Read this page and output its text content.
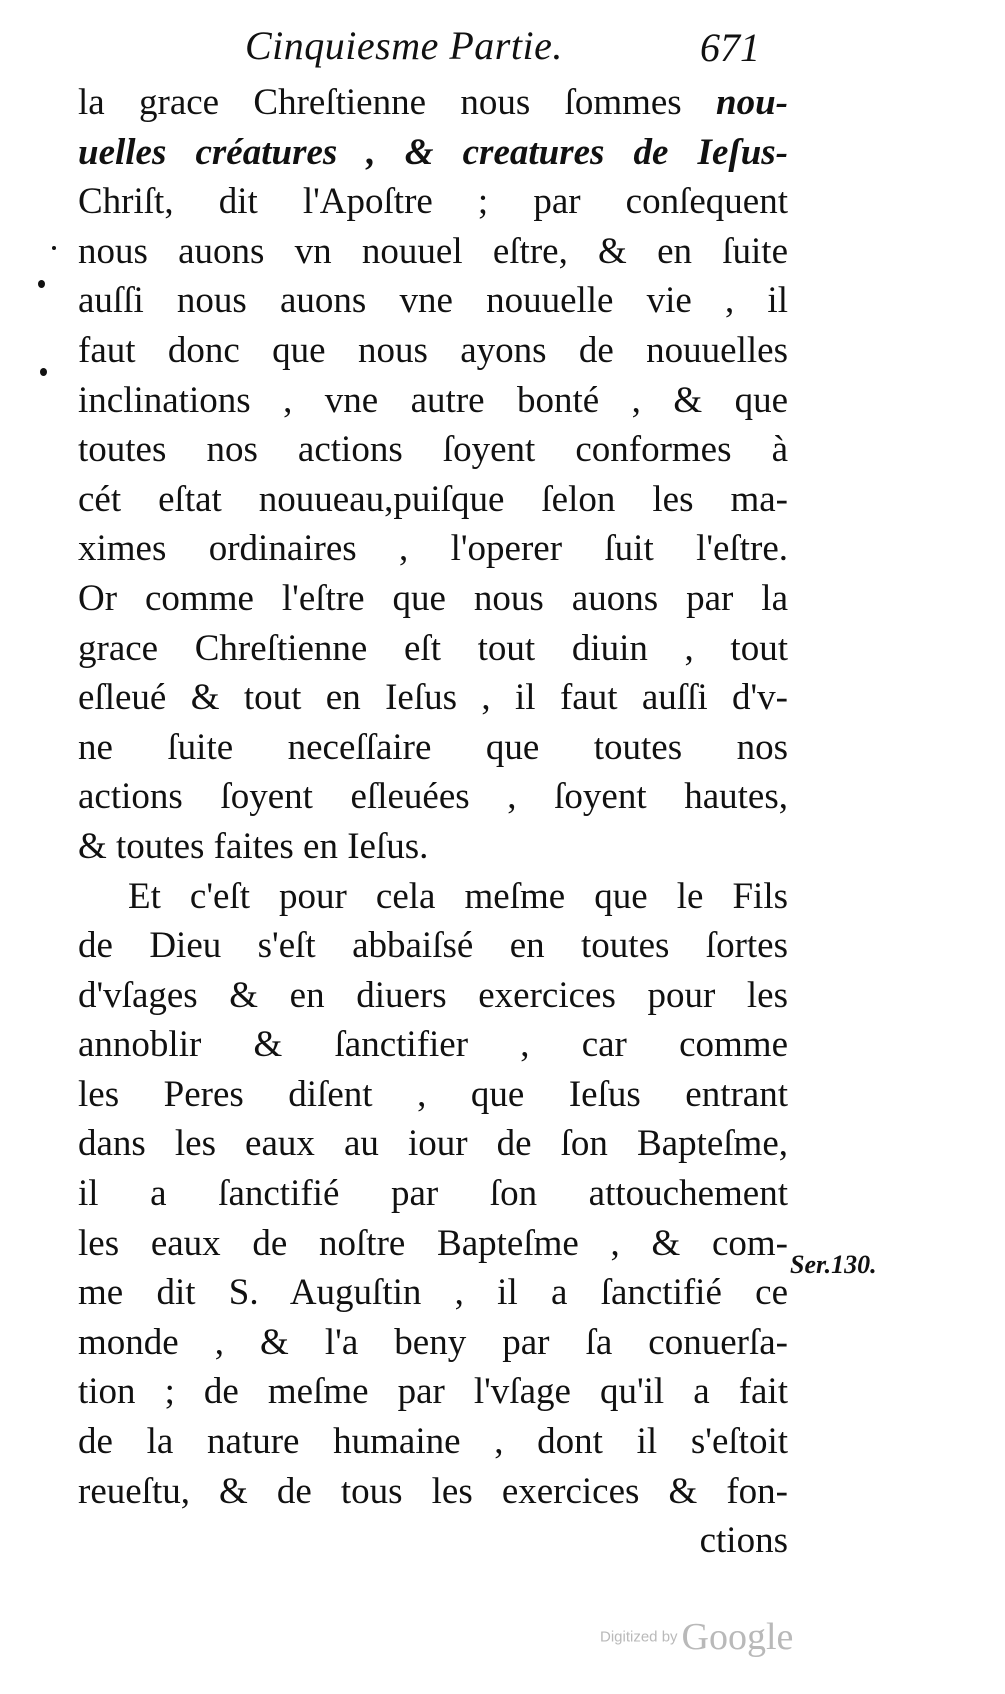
Cinquiesme Partie.	671
la grace Chreſtienne nous ſommes nou-
uelles créatures , & creatures de Ieſus-
Chriſt, dit l'Apoſtre ; par conſequent
nous auons vn nouuel eſtre, & en ſuite
auſſi nous auons vne nouuelle vie , il
faut donc que nous ayons de nouuelles
inclinations , vne autre bonté , & que
toutes nos actions ſoyent conformes à
cét eſtat nouueau,puiſque ſelon les ma-
ximes ordinaires , l'operer ſuit l'eſtre.
Or comme l'eſtre que nous auons par la
grace Chreſtienne eſt tout diuin , tout
eſleué & tout en Ieſus , il faut auſſi d'v-
ne ſuite neceſſaire que toutes nos
actions ſoyent eſleuées , ſoyent hautes,
& toutes faites en Ieſus.
Et c'eſt pour cela meſme que le Fils
de Dieu s'eſt abbaiſsé en toutes ſortes
d'vſages & en diuers exercices pour les
annoblir & ſanctifier , car comme
les Peres diſent , que Ieſus entrant
dans les eaux au iour de ſon Bapteſme,
il a ſanctifié par ſon attouchement
les eaux de noſtre Bapteſme , & com-
me dit S. Auguſtin , il a ſanctifié ce
monde , & l'a beny par ſa conuerſa-
tion ; de meſme par l'vſage qu'il a fait
de la nature humaine , dont il s'eſtoit
reueſtu, & de tous les exercices & fon-
ctions
Ser.130.
Digitized by Google
